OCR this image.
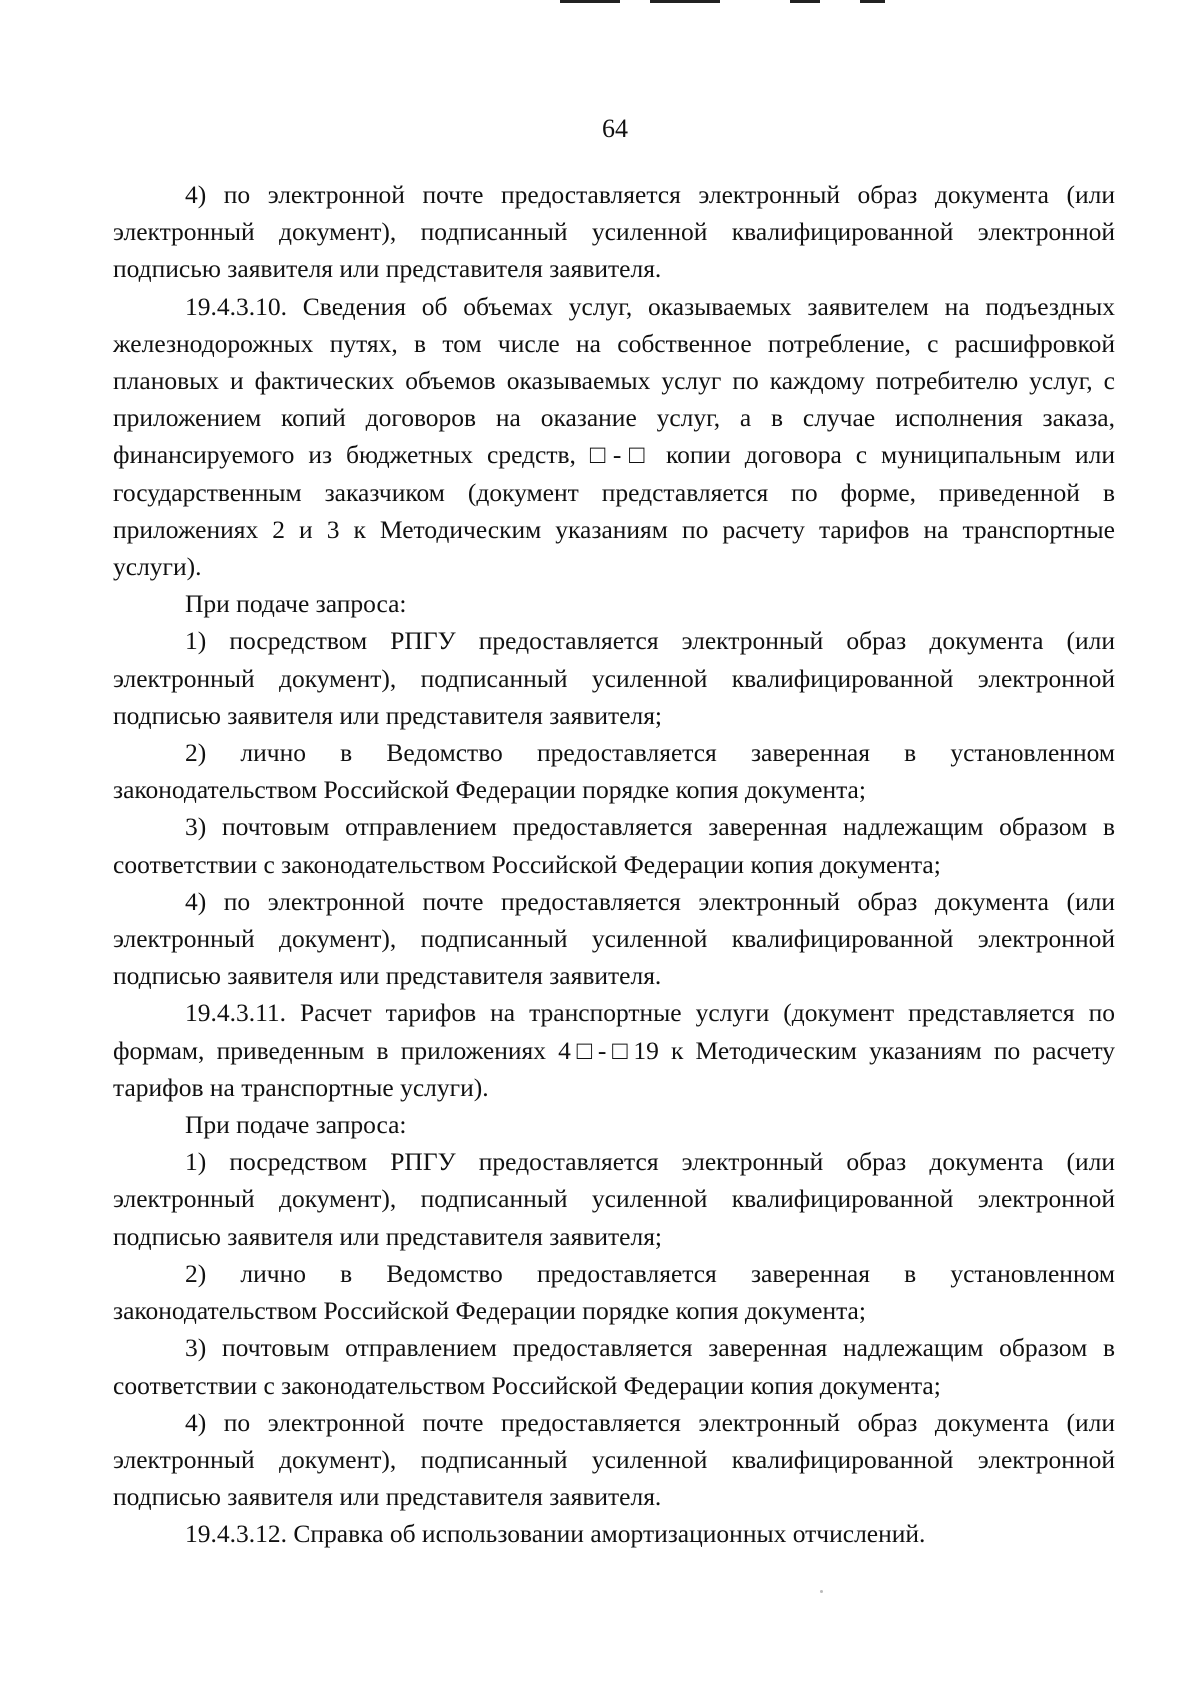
64

4) по электронной почте предоставляется электронный образ документа (или электронный документ), подписанный усиленной квалифицированной электронной подписью заявителя или представителя заявителя.

19.4.3.10. Сведения об объемах услуг, оказываемых заявителем на подъездных железнодорожных путях, в том числе на собственное потребление, с расшифровкой плановых и фактических объемов оказываемых услуг по каждому потребителю услуг, с приложением копий договоров на оказание услуг, а в случае исполнения заказа, финансируемого из бюджетных средств, □-□ копии договора с муниципальным или государственным заказчиком (документ представляется по форме, приведенной в приложениях 2 и 3 к Методическим указаниям по расчету тарифов на транспортные услуги).

При подаче запроса:

1) посредством РПГУ предоставляется электронный образ документа (или электронный документ), подписанный усиленной квалифицированной электронной подписью заявителя или представителя заявителя;

2) лично в Ведомство предоставляется заверенная в установленном законодательством Российской Федерации порядке копия документа;

3) почтовым отправлением предоставляется заверенная надлежащим образом в соответствии с законодательством Российской Федерации копия документа;

4) по электронной почте предоставляется электронный образ документа (или электронный документ), подписанный усиленной квалифицированной электронной подписью заявителя или представителя заявителя.

19.4.3.11. Расчет тарифов на транспортные услуги (документ представляется по формам, приведенным в приложениях 4□-□19 к Методическим указаниям по расчету тарифов на транспортные услуги).

При подаче запроса:

1) посредством РПГУ предоставляется электронный образ документа (или электронный документ), подписанный усиленной квалифицированной электронной подписью заявителя или представителя заявителя;

2) лично в Ведомство предоставляется заверенная в установленном законодательством Российской Федерации порядке копия документа;

3) почтовым отправлением предоставляется заверенная надлежащим образом в соответствии с законодательством Российской Федерации копия документа;

4) по электронной почте предоставляется электронный образ документа (или электронный документ), подписанный усиленной квалифицированной электронной подписью заявителя или представителя заявителя.

19.4.3.12. Справка об использовании амортизационных отчислений.
